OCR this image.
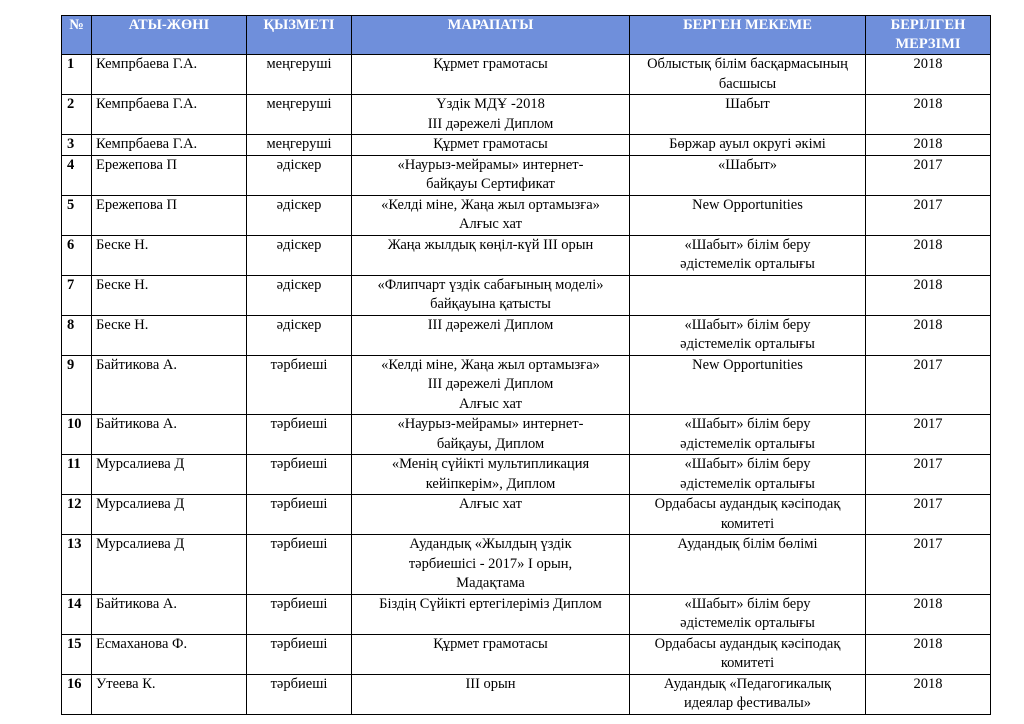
№	АТЫ-ЖӨНІ	ҚЫЗМЕТІ	МАРАПАТЫ	БЕРГЕН МЕКЕМЕ	БЕРІЛГЕН МЕРЗІМІ
1	Кемпрбаева Г.А.	меңгеруші	Құрмет грамотасы	Облыстық білім басқармасының басшысы	2018
2	Кемпрбаева Г.А.	меңгеруші	Үздік МДҰ -2018
ІІІ дәрежелі Диплом	Шабыт	2018
3	Кемпрбаева Г.А.	меңгеруші	Құрмет грамотасы	Бөржар ауыл округі әкімі	2018
4	Ережепова П	әдіскер	«Наурыз-мейрамы» интернет-
байқауы Сертификат	«Шабыт»	2017
5	Ережепова П	әдіскер	«Келді міне, Жаңа жыл ортамызға»
Алғыс хат	New Opportunities	2017
6	Беске Н.	әдіскер	Жаңа жылдық көңіл-күй ІІІ орын	«Шабыт» білім беру
әдістемелік орталығы	2018
7	Беске Н.	әдіскер	«Флипчарт үздік сабағының моделі»
байқауына қатысты		2018
8	Беске Н.	әдіскер	ІІІ дәрежелі Диплом	«Шабыт» білім беру
әдістемелік орталығы	2018
9	Байтикова А.	тәрбиеші	«Келді міне, Жаңа жыл ортамызға»
ІІІ дәрежелі Диплом
Алғыс хат	New Opportunities	2017
10	Байтикова А.	тәрбиеші	«Наурыз-мейрамы» интернет-
байқауы, Диплом	«Шабыт» білім беру
әдістемелік орталығы	2017
11	Мурсалиева Д	тәрбиеші	«Менің сүйікті мультипликация
кейіпкерім», Диплом	«Шабыт» білім беру
әдістемелік орталығы	2017
12	Мурсалиева Д	тәрбиеші	Алғыс хат	Ордабасы аудандық кәсіподақ
комитеті	2017
13	Мурсалиева Д	тәрбиеші	Аудандық «Жылдың үздік
тәрбиешісі - 2017» І орын,
Мадақтама	Аудандық білім бөлімі	2017
14	Байтикова А.	тәрбиеші	Біздің Сүйікті ертегілеріміз Диплом	«Шабыт» білім беру
әдістемелік орталығы	2018
15	Есмаханова Ф.	тәрбиеші	Құрмет грамотасы	Ордабасы аудандық кәсіподақ
комитеті	2018
16	Утеева К.	тәрбиеші	ІІІ орын	Аудандық «Педагогикалық
идеялар фестивалы»	2018
